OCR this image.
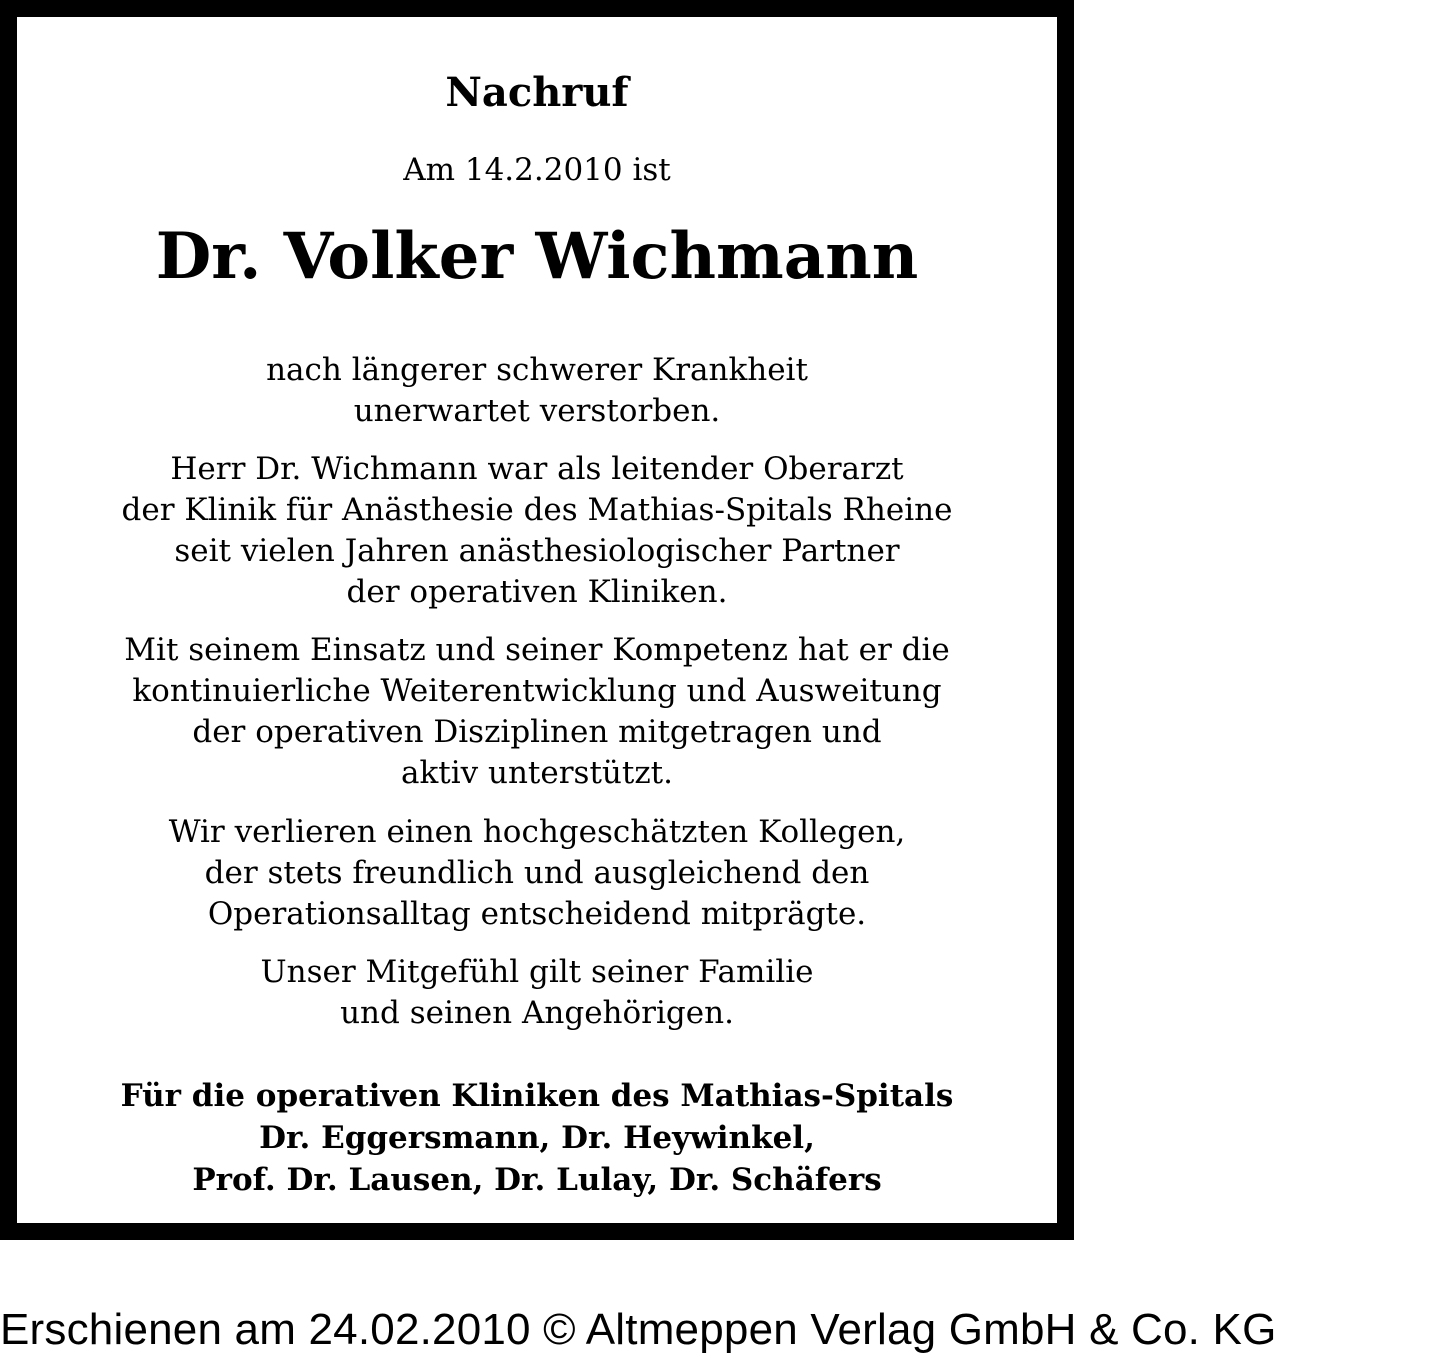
Nachruf
Am 14.2.2010 ist
Dr. Volker Wichmann
nach längerer schwerer Krankheit
unerwartet verstorben.
Herr Dr. Wichmann war als leitender Oberarzt
der Klinik für Anästhesie des Mathias-Spitals Rheine
seit vielen Jahren anästhesiologischer Partner
der operativen Kliniken.
Mit seinem Einsatz und seiner Kompetenz hat er die
kontinuierliche Weiterentwicklung und Ausweitung
der operativen Disziplinen mitgetragen und
aktiv unterstützt.
Wir verlieren einen hochgeschätzten Kollegen,
der stets freundlich und ausgleichend den
Operationsalltag entscheidend mitprägte.
Unser Mitgefühl gilt seiner Familie
und seinen Angehörigen.
Für die operativen Kliniken des Mathias-Spitals
Dr. Eggersmann, Dr. Heywinkel,
Prof. Dr. Lausen, Dr. Lulay, Dr. Schäfers
Erschienen am 24.02.2010 © Altmeppen Verlag GmbH & Co. KG
